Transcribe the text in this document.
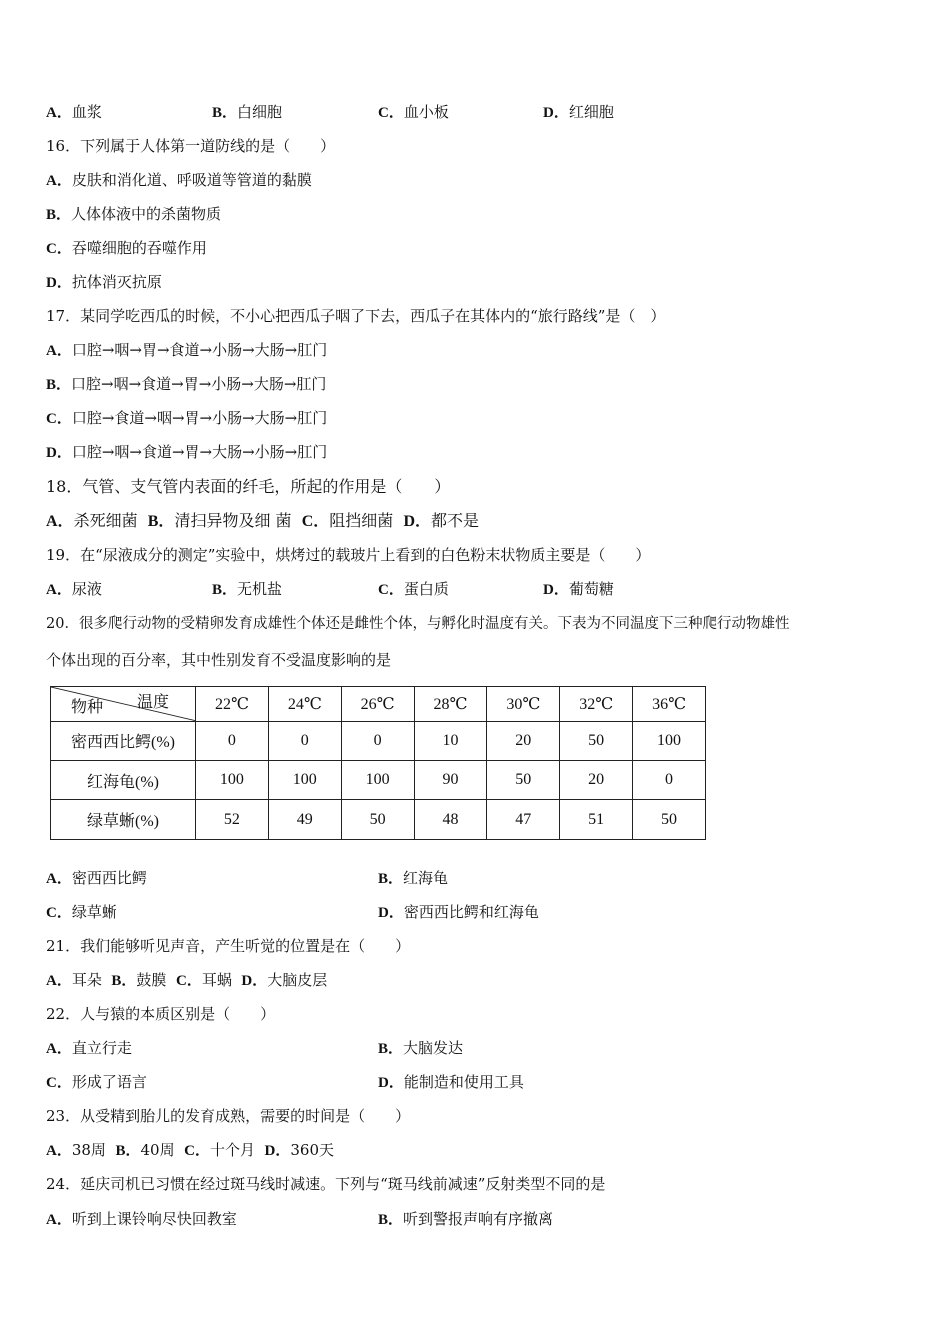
A．血浆	B．白细胞	C．血小板	D．红细胞
16．下列属于人体第一道防线的是（　　）
A．皮肤和消化道、呼吸道等管道的黏膜
B．人体体液中的杀菌物质
C．吞噬细胞的吞噬作用
D．抗体消灭抗原
17．某同学吃西瓜的时候，不小心把西瓜子咽了下去，西瓜子在其体内的“旅行路线”是（　）
A．口腔→咽→胃→食道→小肠→大肠→肛门
B．口腔→咽→食道→胃→小肠→大肠→肛门
C．口腔→食道→咽→胃→小肠→大肠→肛门
D．口腔→咽→食道→胃→大肠→小肠→肛门
18．气管、支气管内表面的纤毛，所起的作用是（　　）
A．杀死细菌 B．清扫异物及细 菌 C．阻挡细菌 D．都不是
19．在“尿液成分的测定”实验中，烘烤过的载玻片上看到的白色粉末状物质主要是（　　）
A．尿液	B．无机盐	C．蛋白质	D．葡萄糖
20．很多爬行动物的受精卵发育成雄性个体还是雌性个体，与孵化时温度有关。下表为不同温度下三种爬行动物雄性
个体出现的百分率，其中性别发育不受温度影响的是
温度
物种	22℃	24℃	26℃	28℃	30℃	32℃	36℃
密西西比鳄(%)	0	0	0	10	20	50	100
红海龟(%)	100	100	100	90	50	20	0
绿草蜥(%)	52	49	50	48	47	51	50
A．密西西比鳄	B．红海龟
C．绿草蜥	D．密西西比鳄和红海龟
21．我们能够听见声音，产生听觉的位置是在（　　）
A．耳朵 B．鼓膜 C．耳蜗 D．大脑皮层
22．人与猿的本质区别是（　　）
A．直立行走	B．大脑发达
C．形成了语言	D．能制造和使用工具
23．从受精到胎儿的发育成熟，需要的时间是（　　）
A．38周 B．40周 C．十个月 D．360天
24．延庆司机已习惯在经过斑马线时减速。下列与“斑马线前减速”反射类型不同的是
A．听到上课铃响尽快回教室	B．听到警报声响有序撤离
